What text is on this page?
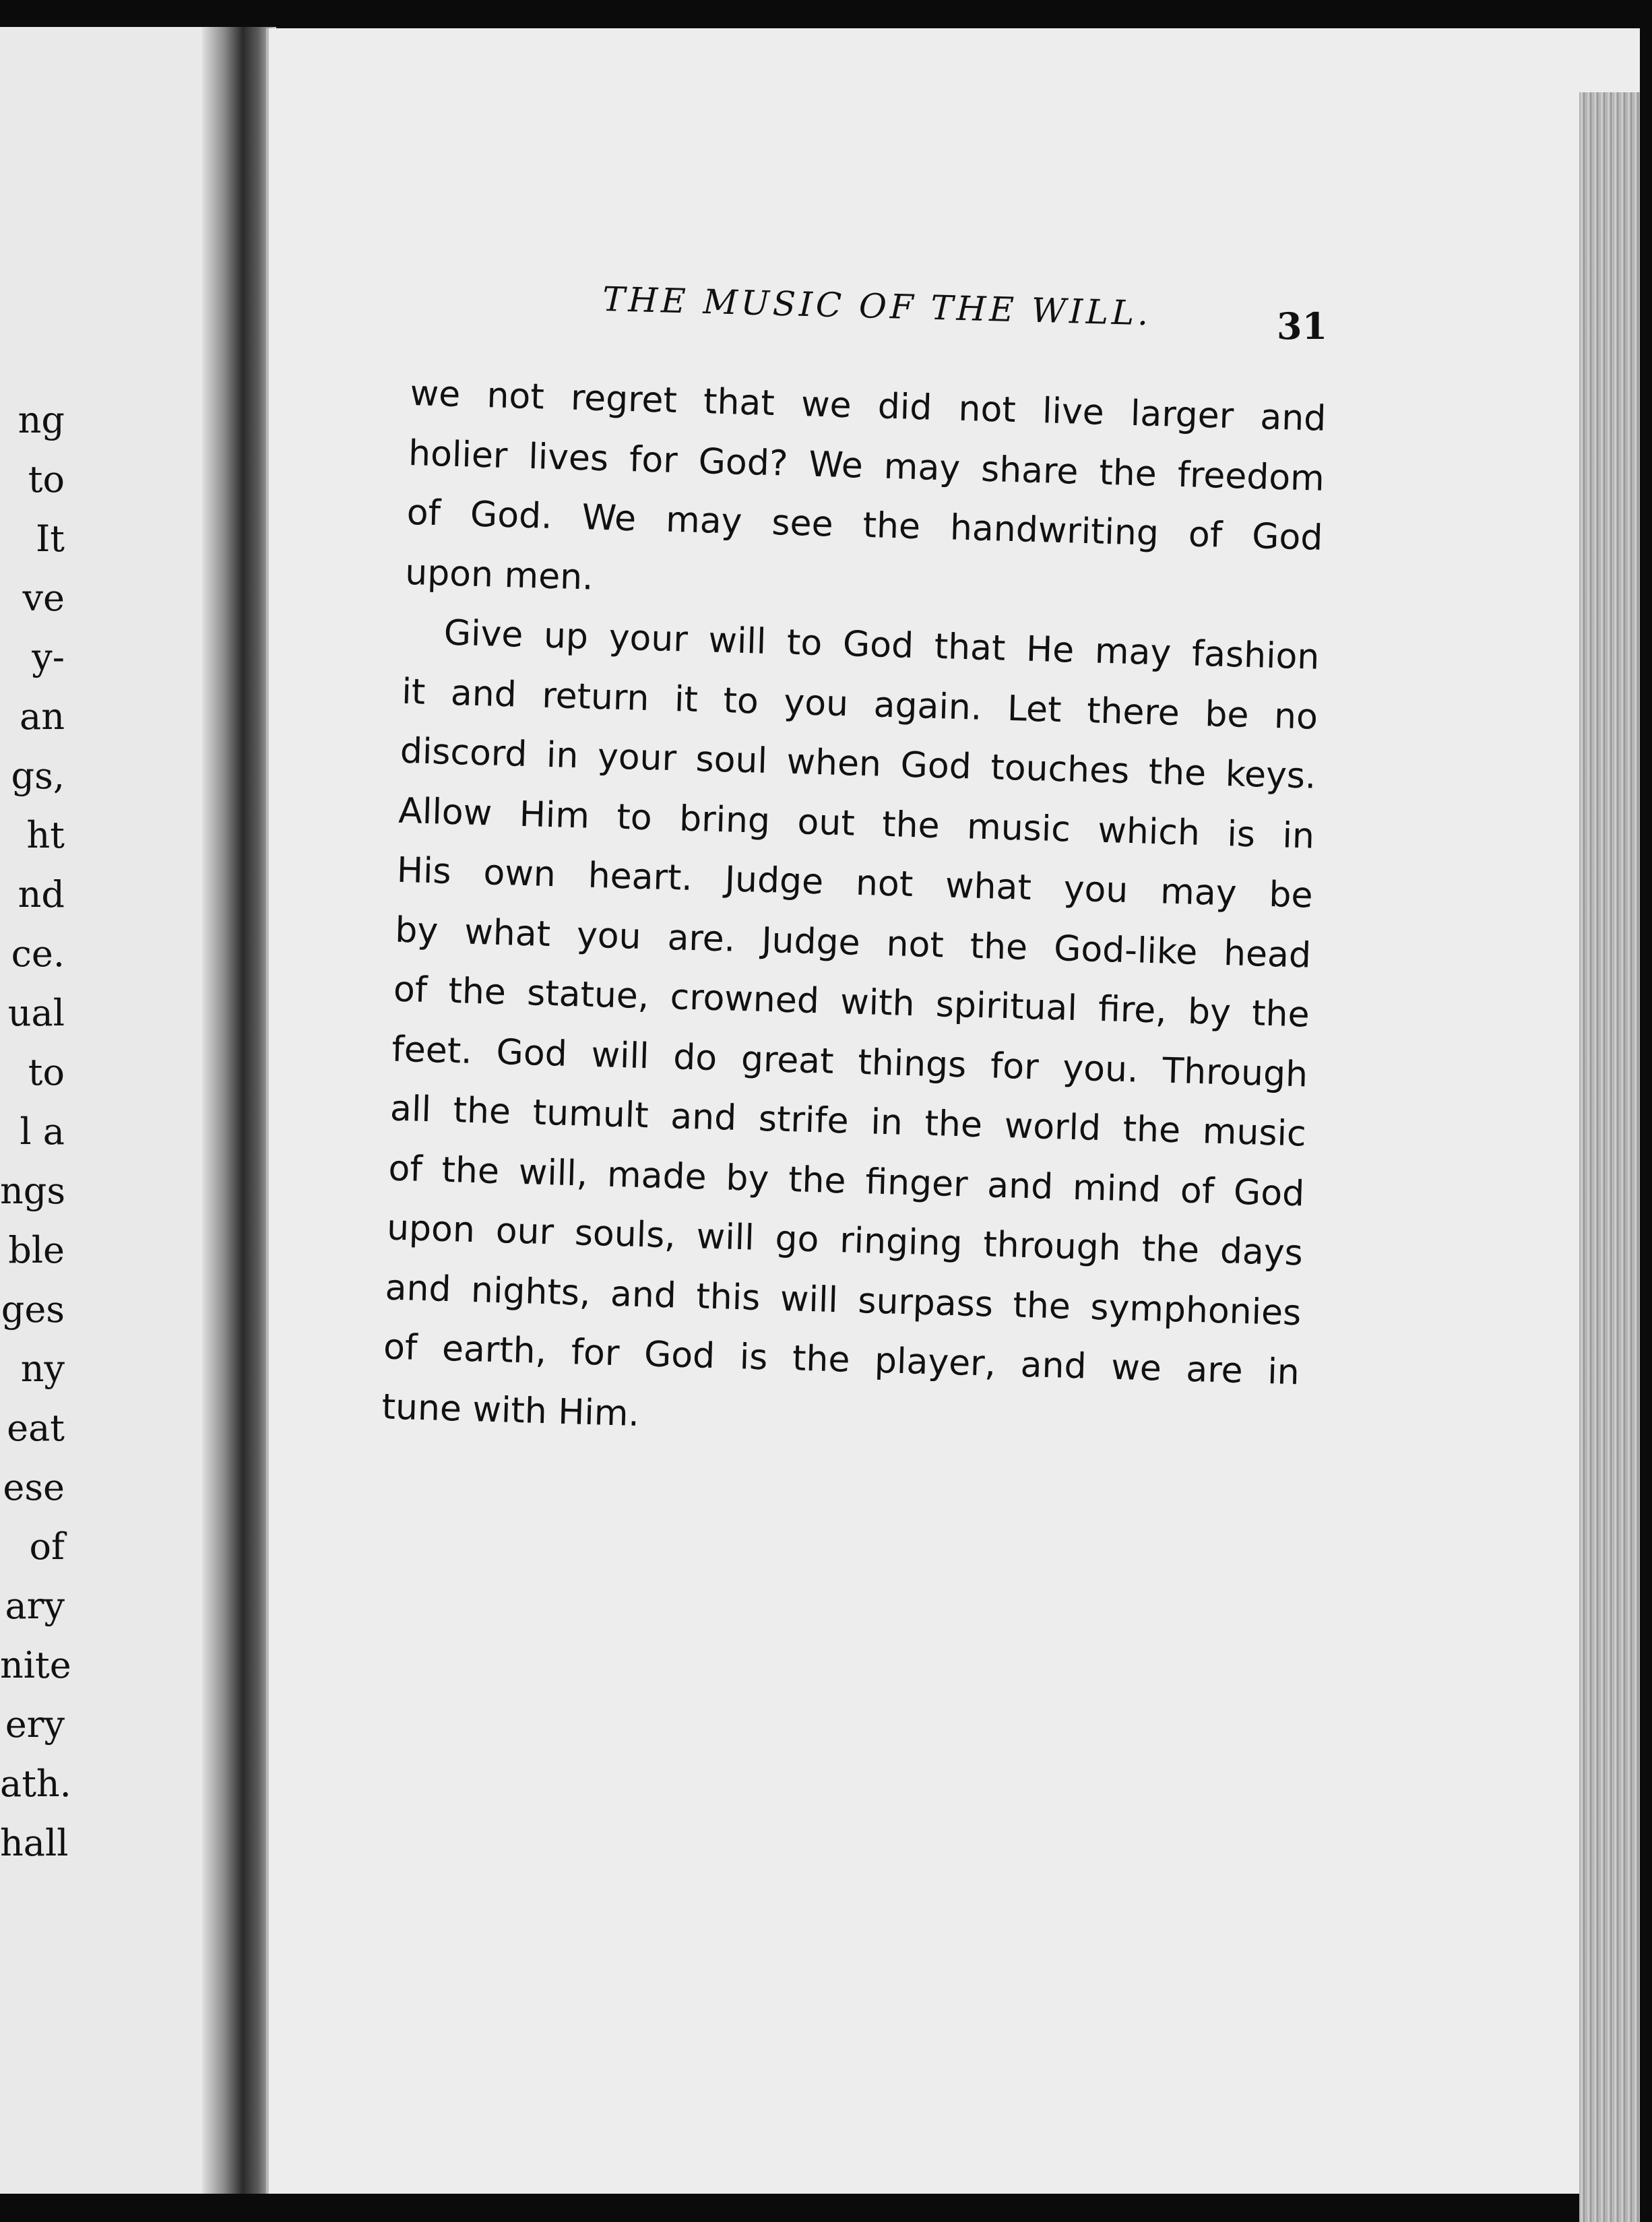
ng
to
It
ve
y-
an
gs,
ht
nd
ce.
ual
to
l a
ngs
ble
ges
ny
eat
ese
of
ary
nite
ery
ath.
hall
THE MUSIC OF THE WILL.	31
we not regret that we did not live larger and
holier lives for God? We may share the freedom
of God. We may see the handwriting of God
upon men.
Give up your will to God that He may fashion
it and return it to you again. Let there be no
discord in your soul when God touches the keys.
Allow Him to bring out the music which is in
His own heart. Judge not what you may be
by what you are. Judge not the God-like head
of the statue, crowned with spiritual fire, by the
feet. God will do great things for you. Through
all the tumult and strife in the world the music
of the will, made by the finger and mind of God
upon our souls, will go ringing through the days
and nights, and this will surpass the symphonies
of earth, for God is the player, and we are in
tune with Him.
